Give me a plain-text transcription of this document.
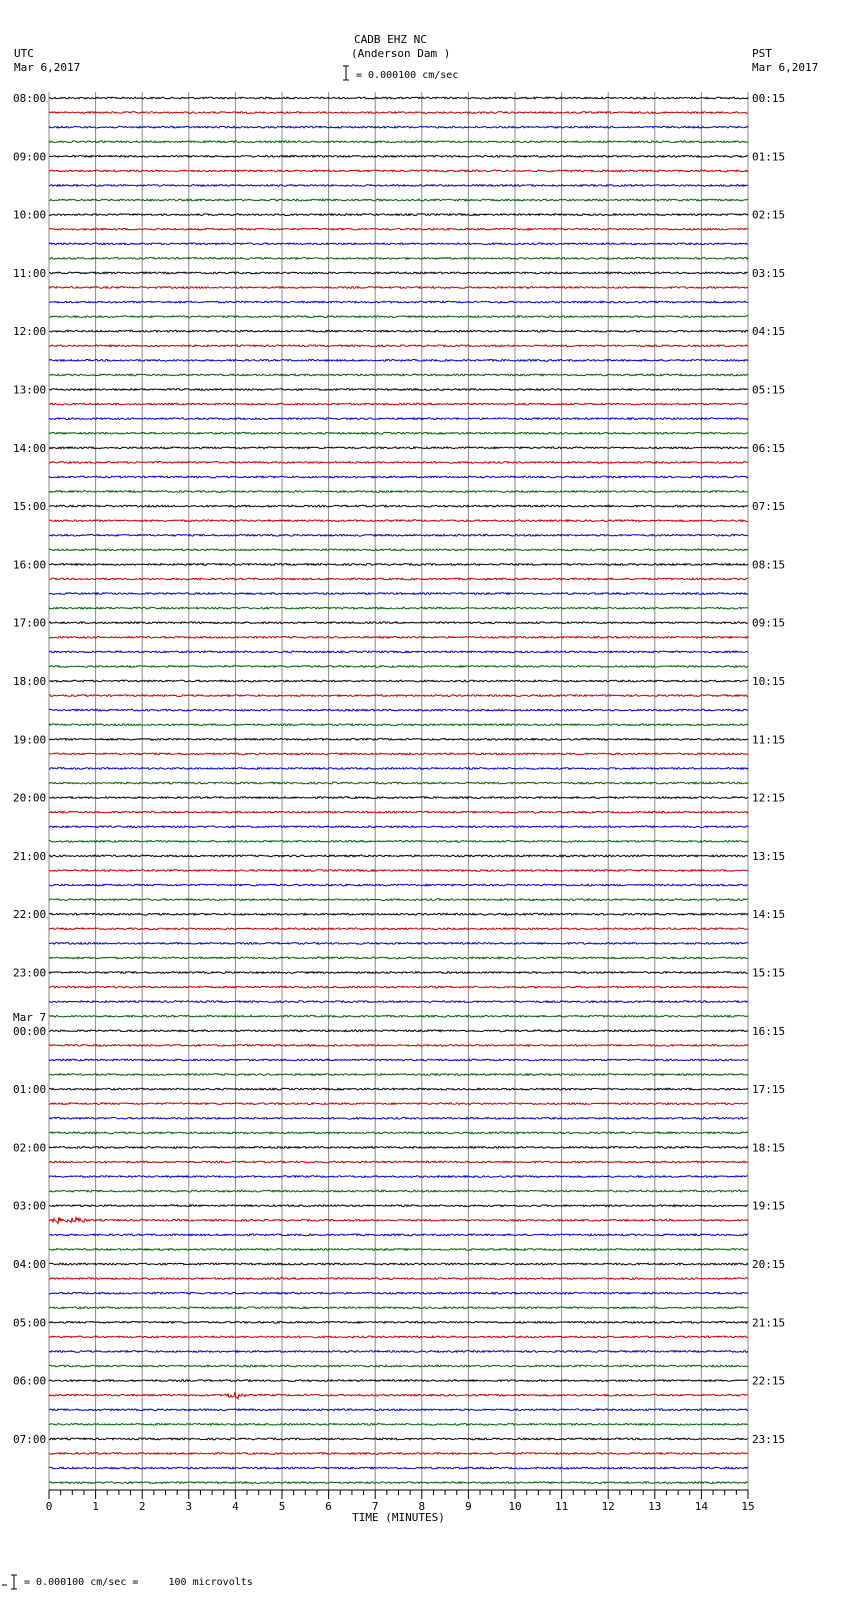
CADB EHZ NC
(Anderson Dam )
UTC
Mar 6,2017
PST
Mar 6,2017
= 0.000100 cm/sec
= 0.000100 cm/sec =     100 microvolts
0	1	2	3	4	5	6	7	8	9	10	11	12	13	14	15
TIME (MINUTES)
08:00	00:15
09:00	01:15
10:00	02:15
11:00	03:15
12:00	04:15
13:00	05:15
14:00	06:15
15:00	07:15
16:00	08:15
17:00	09:15
18:00	10:15
19:00	11:15
20:00	12:15
21:00	13:15
22:00	14:15
23:00	15:15
00:00	16:15
01:00	17:15
02:00	18:15
03:00	19:15
04:00	20:15
05:00	21:15
06:00	22:15
07:00	23:15
Mar 7
